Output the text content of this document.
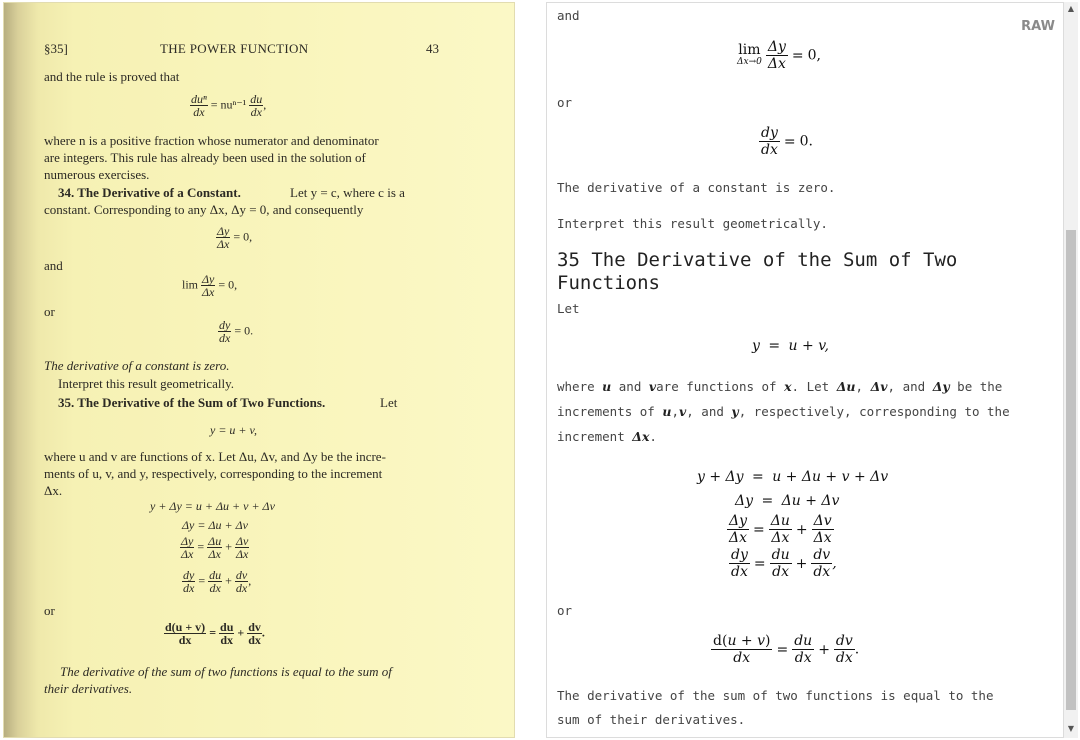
§35]	THE POWER FUNCTION	43
and the rule is proved that
duⁿ
dx
= $nu^{n-1} \frac{du}{dx}$ ,
where n is a positive fraction whose numerator and denominator
are integers. This rule has already been used in the solution of
numerous exercises.
34. The Derivative of a Constant.	Let y = c, where c is a
constant. Corresponding to any Δx, Δy = 0, and consequently
$\frac{\Delta y}{\Delta x} = 0$,
and
$\lim \frac{\Delta y}{\Delta x} = 0$,
or
$\frac{dy}{dx} = 0$.
The derivative of a constant is zero.
Interpret this result geometrically.
35. The Derivative of the Sum of Two Functions.	Let
y = u + v,
where u and v are functions of x. Let Δu, Δv, and Δy be the incre-
ments of u, v, and y, respectively, corresponding to the increment
Δx.
y + Δy = u + Δu + v + Δv
Δy = Δu + Δv
$\frac{\Delta y}{\Delta x} = \frac{\Delta u}{\Delta x} + \frac{\Delta v}{\Delta x}$
$\frac{dy}{dx} = \frac{du}{dx} + \frac{dv}{dx}$ ,
or
$\frac{d(u + v)}{dx} = \frac{du}{dx} + \frac{dv}{dx}$ .
The derivative of the sum of two functions is equal to the sum of
their derivatives.
RAW
and
lim
$\Delta x\to 0 \frac{\Delta y}{\Delta x} = 0$,
or
$\frac{dy}{dx} = 0$.
The derivative of a constant is zero.
Interpret this result geometrically.
35 The Derivative of the Sum of Two
Functions
Let
y = u + v,
where u and vare functions of x. Let Δu, Δv, and Δy be the
increments of u,v, and y, respectively, corresponding to the
increment Δx.
y + Δy = u + Δu + v + Δv
Δy = Δu + Δv
$\frac{\Delta y}{\Delta x} = \frac{\Delta u}{\Delta x} + \frac{\Delta v}{\Delta x}$
$\frac{dy}{dx} = \frac{du}{dx} + \frac{dv}{dx}$ ,
or
$\frac{d(u + v)}{dx} = \frac{du}{dx} + \frac{dv}{dx}$ .
The derivative of the sum of two functions is equal to the
sum of their derivatives.
▲
▼
